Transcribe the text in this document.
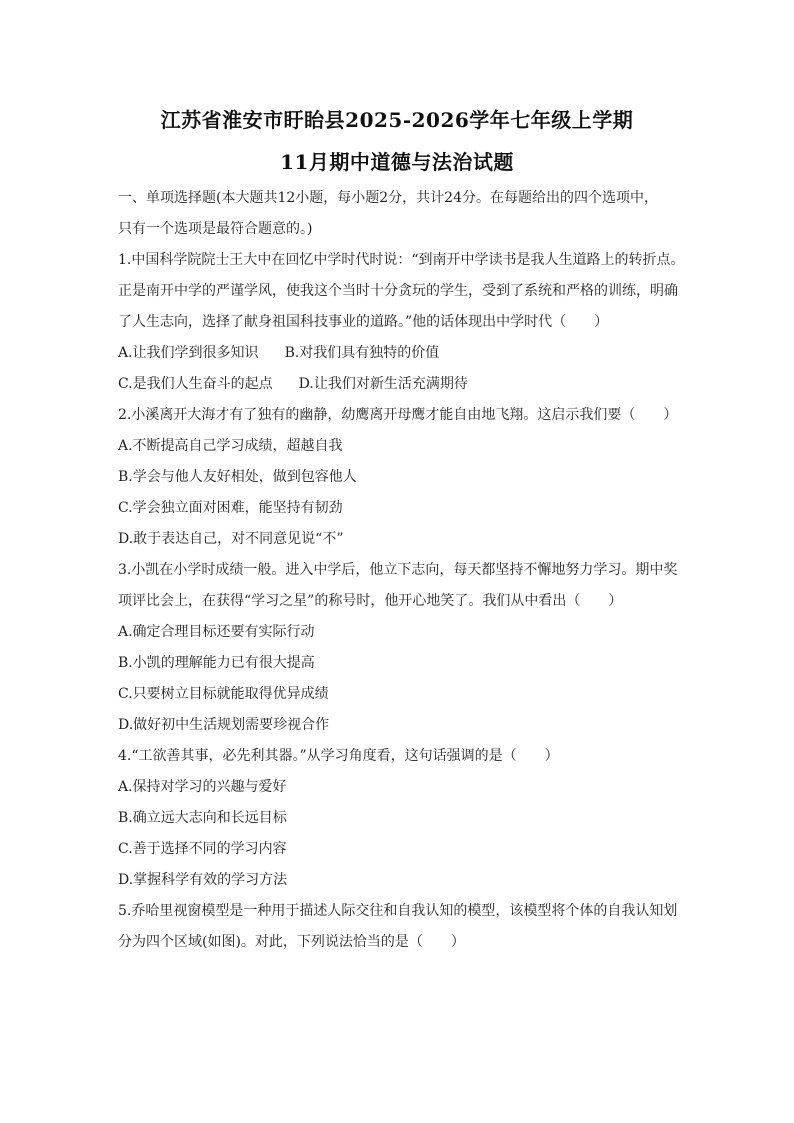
江苏省淮安市盱眙县2025-2026学年七年级上学期
11月期中道德与法治试题
一、单项选择题(本大题共12小题，每小题2分，共计24分。在每题给出的四个选项中，
只有一个选项是最符合题意的。)
1.中国科学院院士王大中在回忆中学时代时说：“到南开中学读书是我人生道路上的转折点。
正是南开中学的严谨学风，使我这个当时十分贪玩的学生，受到了系统和严格的训练，明确
了人生志向，选择了献身祖国科技事业的道路。”他的话体现出中学时代（　　）
A.让我们学到很多知识 B.对我们具有独特的价值
C.是我们人生奋斗的起点 D.让我们对新生活充满期待
2.小溪离开大海才有了独有的幽静，幼鹰离开母鹰才能自由地飞翔。这启示我们要（　　）
A.不断提高自己学习成绩，超越自我
B.学会与他人友好相处，做到包容他人
C.学会独立面对困难，能坚持有韧劲
D.敢于表达自己，对不同意见说“不”
3.小凯在小学时成绩一般。进入中学后，他立下志向，每天都坚持不懈地努力学习。期中奖
项评比会上，在获得“学习之星”的称号时，他开心地笑了。我们从中看出（　　）
A.确定合理目标还要有实际行动
B.小凯的理解能力已有很大提高
C.只要树立目标就能取得优异成绩
D.做好初中生活规划需要珍视合作
4.“工欲善其事，必先利其器。”从学习角度看，这句话强调的是（　　）
A.保持对学习的兴趣与爱好
B.确立远大志向和长远目标
C.善于选择不同的学习内容
D.掌握科学有效的学习方法
5.乔哈里视窗模型是一种用于描述人际交往和自我认知的模型，该模型将个体的自我认知划
分为四个区域(如图)。对此，下列说法恰当的是（　　）
